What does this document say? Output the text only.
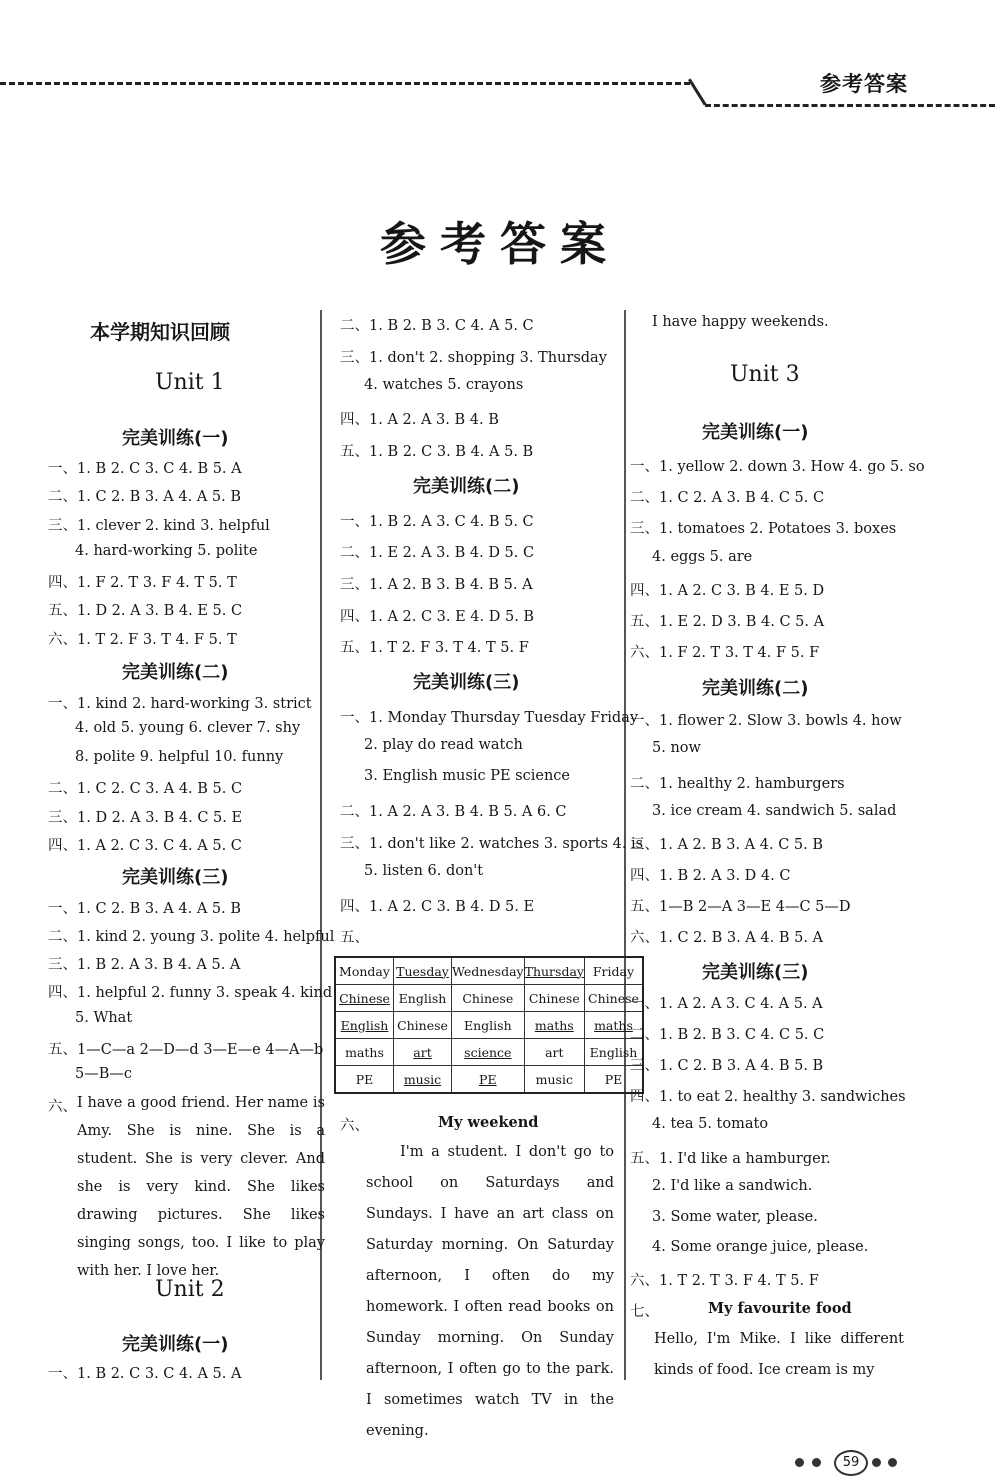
参考答案
参考答案
本学期知识回顾
Unit 1
完美训练(一)
一、1. B 2. C 3. C 4. B 5. A
二、1. C 2. B 3. A 4. A 5. B
三、1. clever 2. kind 3. helpful
4. hard-working 5. polite
四、1. F 2. T 3. F 4. T 5. T
五、1. D 2. A 3. B 4. E 5. C
六、1. T 2. F 3. T 4. F 5. T
完美训练(二)
一、1. kind 2. hard-working 3. strict
4. old 5. young 6. clever 7. shy
8. polite 9. helpful 10. funny
二、1. C 2. C 3. A 4. B 5. C
三、1. D 2. A 3. B 4. C 5. E
四、1. A 2. C 3. C 4. A 5. C
完美训练(三)
一、1. C 2. B 3. A 4. A 5. B
二、1. kind 2. young 3. polite 4. helpful
三、1. B 2. A 3. B 4. A 5. A
四、1. helpful 2. funny 3. speak 4. kind
5. What
五、1—C—a 2—D—d 3—E—e 4—A—b
5—B—c
六、 I have a good friend. Her name is Amy. She is nine. She is a student. She is very clever. And she is very kind. She likes drawing pictures. She likes singing songs, too. I like to play with her. I love her.
Unit 2
完美训练(一)
一、1. B 2. C 3. C 4. A 5. A
二、1. B 2. B 3. C 4. A 5. C
三、1. don't 2. shopping 3. Thursday
4. watches 5. crayons
四、1. A 2. A 3. B 4. B
五、1. B 2. C 3. B 4. A 5. B
完美训练(二)
一、1. B 2. A 3. C 4. B 5. C
二、1. E 2. A 3. B 4. D 5. C
三、1. A 2. B 3. B 4. B 5. A
四、1. A 2. C 3. E 4. D 5. B
五、1. T 2. F 3. T 4. T 5. F
完美训练(三)
一、1. Monday Thursday Tuesday Friday
2. play do read watch
3. English music PE science
二、1. A 2. A 3. B 4. B 5. A 6. C
三、1. don't like 2. watches 3. sports 4. is
5. listen 6. don't
四、1. A 2. C 3. B 4. D 5. E
五、
Monday	Tuesday	Wednesday	Thursday	Friday
Chinese	English	Chinese	Chinese	Chinese
English	Chinese	English	maths	maths
maths	art	science	art	English
PE	music	PE	music	PE
六、	My weekend
I'm a student. I don't go to school on Saturdays and Sundays. I have an art class on Saturday morning. On Saturday afternoon, I often do my homework. I often read books on Sunday morning. On Sunday afternoon, I often go to the park. I sometimes watch TV in the evening.
I have happy weekends.
Unit 3
完美训练(一)
一、1. yellow 2. down 3. How 4. go 5. so
二、1. C 2. A 3. B 4. C 5. C
三、1. tomatoes 2. Potatoes 3. boxes
4. eggs 5. are
四、1. A 2. C 3. B 4. E 5. D
五、1. E 2. D 3. B 4. C 5. A
六、1. F 2. T 3. T 4. F 5. F
完美训练(二)
一、1. flower 2. Slow 3. bowls 4. how
5. now
二、1. healthy 2. hamburgers
3. ice cream 4. sandwich 5. salad
三、1. A 2. B 3. A 4. C 5. B
四、1. B 2. A 3. D 4. C
五、1—B 2—A 3—E 4—C 5—D
六、1. C 2. B 3. A 4. B 5. A
完美训练(三)
一、1. A 2. A 3. C 4. A 5. A
二、1. B 2. B 3. C 4. C 5. C
三、1. C 2. B 3. A 4. B 5. B
四、1. to eat 2. healthy 3. sandwiches
4. tea 5. tomato
五、1. I'd like a hamburger.
2. I'd like a sandwich.
3. Some water, please.
4. Some orange juice, please.
六、1. T 2. T 3. F 4. T 5. F
七、	My favourite food
Hello, I'm Mike. I like different kinds of food. Ice cream is my
59
